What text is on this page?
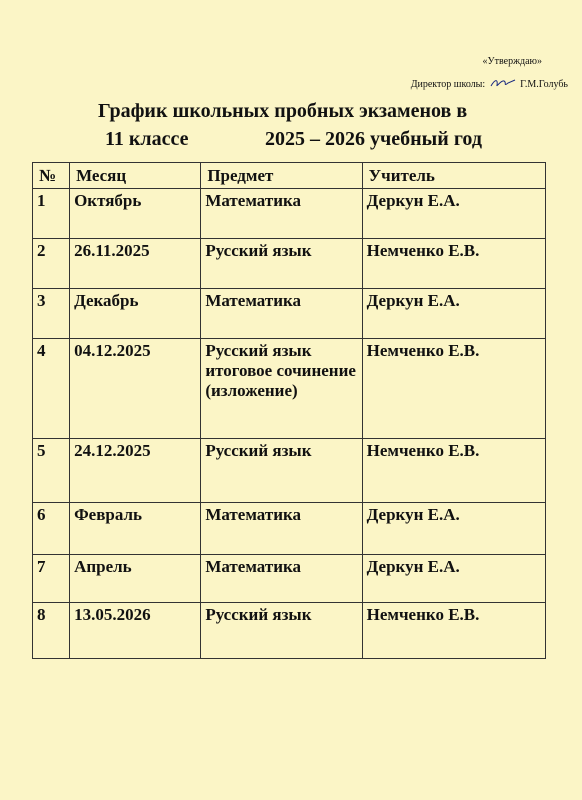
«Утверждаю»
Директор школы:	Г.М.Голубь
График школьных пробных экзаменов в
11 классе	2025 – 2026 учебный год
№	Месяц	Предмет	Учитель
1	Октябрь	Математика	Деркун Е.А.
2	26.11.2025	Русский язык	Немченко Е.В.
3	Декабрь	Математика	Деркун Е.А.
4	04.12.2025	Русский язык итоговое сочинение (изложение)	Немченко Е.В.
5	24.12.2025	Русский язык	Немченко Е.В.
6	Февраль	Математика	Деркун Е.А.
7	Апрель	Математика	Деркун Е.А.
8	13.05.2026	Русский язык	Немченко Е.В.
